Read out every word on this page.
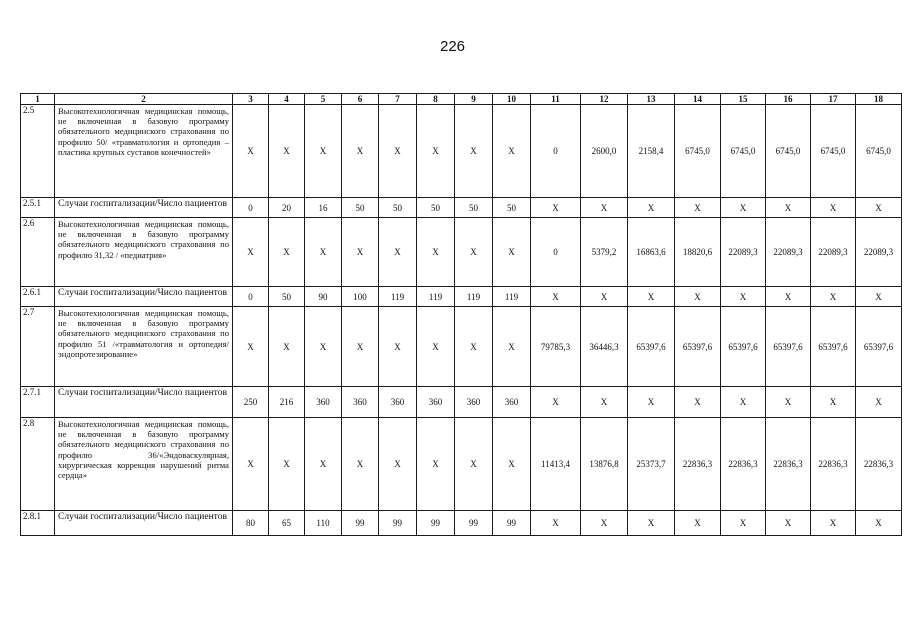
226
1	2	3	4	5	6	7	8	9	10	11	12	13	14	15	16	17	18
2.5	Высокотехнологичная медицинская помощь, не включенная в базовую программу обязательного медицинского страхования по профилю 50/ «травматология и ортопедия – пластика крупных суставов конечностей»	X	X	X	X	X	X	X	X	0	2600,0	2158,4	6745,0	6745,0	6745,0	6745,0	6745,0
2.5.1	Случаи госпитализации/Число пациентов	0	20	16	50	50	50	50	50	X	X	X	X	X	X	X	X
2.6	Высокотехнологичная медицинская помощь, не включенная в базовую программу обязательного медицинского страхования по профилю 31,32 / «педиатрия»	X	X	X	X	X	X	X	X	0	5379,2	16863,6	18820,6	22089,3	22089,3	22089,3	22089,3
2.6.1	Случаи госпитализации/Число пациентов	0	50	90	100	119	119	119	119	X	X	X	X	X	X	X	X
2.7	Высокотехнологичная медицинская помощь, не включенная в базовую программу обязательного медицинского страхования по профилю 51 /«травматология и ортопедия/эндопротезирование»	X	X	X	X	X	X	X	X	79785,3	36446,3	65397,6	65397,6	65397,6	65397,6	65397,6	65397,6
2.7.1	Случаи госпитализации/Число пациентов	250	216	360	360	360	360	360	360	X	X	X	X	X	X	X	X
2.8	Высокотехнологичная медицинская помощь, не включенная в базовую программу обязательного медицинского страхования по профилю 36/«Эндоваскулярная, хирургическая коррекция нарушений ритма сердца»	X	X	X	X	X	X	X	X	11413,4	13876,8	25373,7	22836,3	22836,3	22836,3	22836,3	22836,3
2.8.1	Случаи госпитализации/Число пациентов	80	65	110	99	99	99	99	99	X	X	X	X	X	X	X	X
